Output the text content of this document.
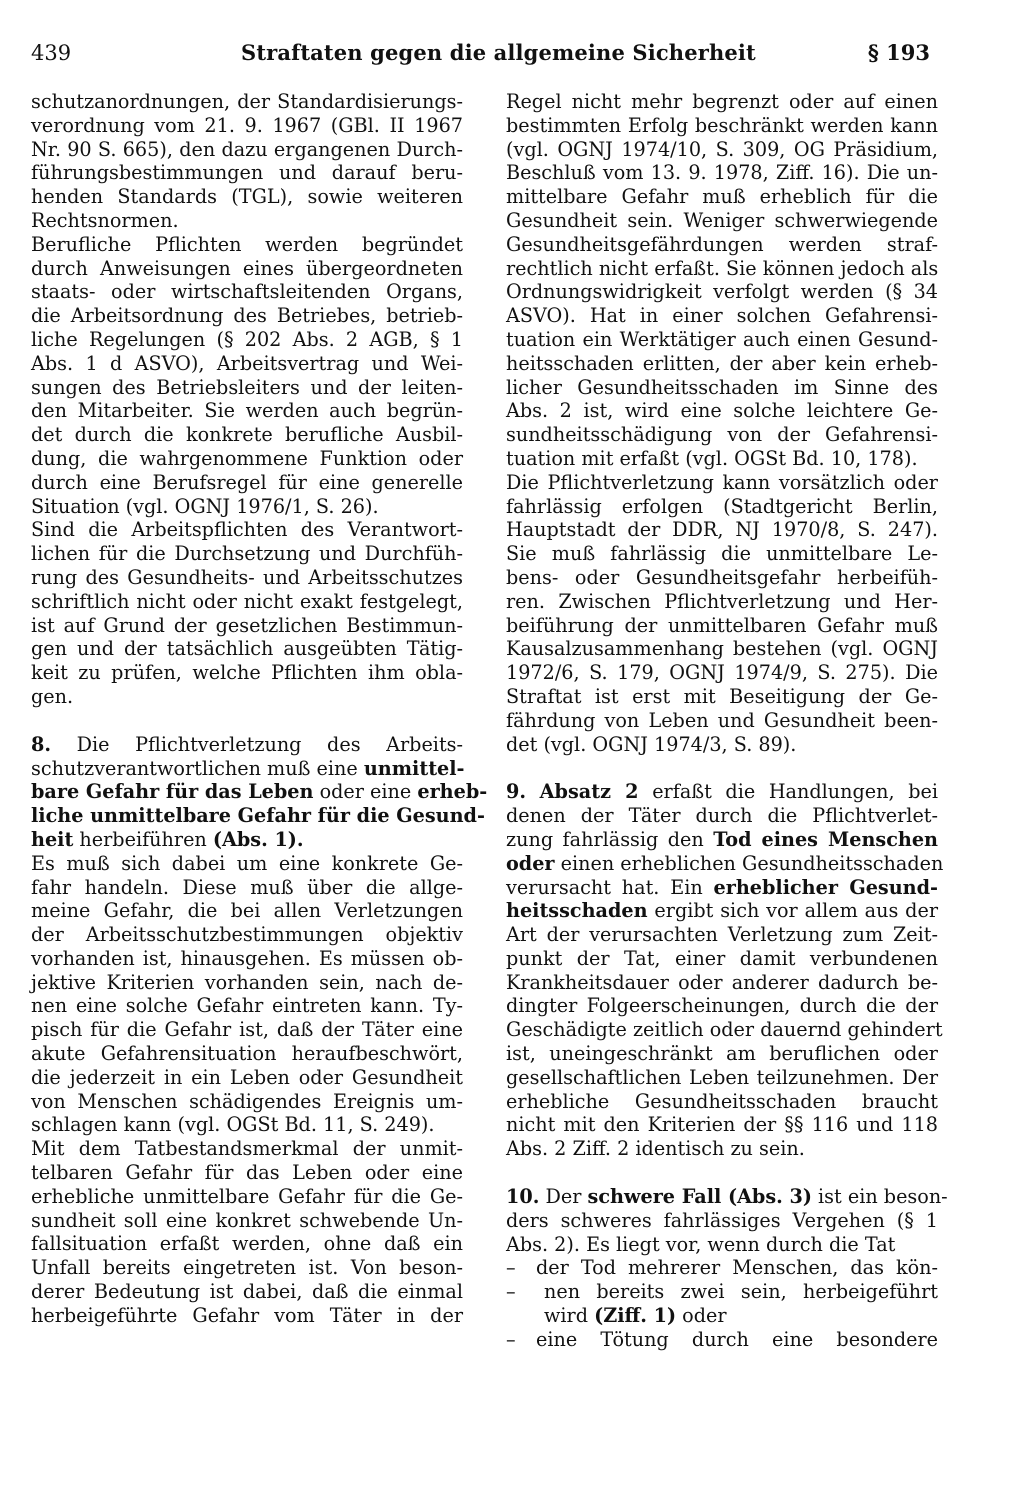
439	Straftaten gegen die allgemeine Sicherheit	§ 193
schutzanordnungen, der Standardisierungs-
verordnung vom 21. 9. 1967 (GBl. II 1967
Nr. 90 S. 665), den dazu ergangenen Durch-
führungsbestimmungen und darauf beru-
henden Standards (TGL), sowie weiteren
Rechtsnormen.
Berufliche Pflichten werden begründet
durch Anweisungen eines übergeordneten
staats- oder wirtschaftsleitenden Organs,
die Arbeitsordnung des Betriebes, betrieb-
liche Regelungen (§ 202 Abs. 2 AGB, § 1
Abs. 1 d ASVO), Arbeitsvertrag und Wei-
sungen des Betriebsleiters und der leiten-
den Mitarbeiter. Sie werden auch begrün-
det durch die konkrete berufliche Ausbil-
dung, die wahrgenommene Funktion oder
durch eine Berufsregel für eine generelle
Situation (vgl. OGNJ 1976/1, S. 26).
Sind die Arbeitspflichten des Verantwort-
lichen für die Durchsetzung und Durchfüh-
rung des Gesundheits- und Arbeitsschutzes
schriftlich nicht oder nicht exakt festgelegt,
ist auf Grund der gesetzlichen Bestimmun-
gen und der tatsächlich ausgeübten Tätig-
keit zu prüfen, welche Pflichten ihm obla-
gen.
8. Die Pflichtverletzung des Arbeits-
schutzverantwortlichen muß eine unmittel-
bare Gefahr für das Leben oder eine erheb-
liche unmittelbare Gefahr für die Gesund-
heit herbeiführen (Abs. 1).
Es muß sich dabei um eine konkrete Ge-
fahr handeln. Diese muß über die allge-
meine Gefahr, die bei allen Verletzungen
der Arbeitsschutzbestimmungen objektiv
vorhanden ist, hinausgehen. Es müssen ob-
jektive Kriterien vorhanden sein, nach de-
nen eine solche Gefahr eintreten kann. Ty-
pisch für die Gefahr ist, daß der Täter eine
akute Gefahrensituation heraufbeschwört,
die jederzeit in ein Leben oder Gesundheit
von Menschen schädigendes Ereignis um-
schlagen kann (vgl. OGSt Bd. 11, S. 249).
Mit dem Tatbestandsmerkmal der unmit-
telbaren Gefahr für das Leben oder eine
erhebliche unmittelbare Gefahr für die Ge-
sundheit soll eine konkret schwebende Un-
fallsituation erfaßt werden, ohne daß ein
Unfall bereits eingetreten ist. Von beson-
derer Bedeutung ist dabei, daß die einmal
herbeigeführte Gefahr vom Täter in der
Regel nicht mehr begrenzt oder auf einen
bestimmten Erfolg beschränkt werden kann
(vgl. OGNJ 1974/10, S. 309, OG Präsidium,
Beschluß vom 13. 9. 1978, Ziff. 16). Die un-
mittelbare Gefahr muß erheblich für die
Gesundheit sein. Weniger schwerwiegende
Gesundheitsgefährdungen werden straf-
rechtlich nicht erfaßt. Sie können jedoch als
Ordnungswidrigkeit verfolgt werden (§ 34
ASVO). Hat in einer solchen Gefahrensi-
tuation ein Werktätiger auch einen Gesund-
heitsschaden erlitten, der aber kein erheb-
licher Gesundheitsschaden im Sinne des
Abs. 2 ist, wird eine solche leichtere Ge-
sundheitsschädigung von der Gefahrensi-
tuation mit erfaßt (vgl. OGSt Bd. 10, 178).
Die Pflichtverletzung kann vorsätzlich oder
fahrlässig erfolgen (Stadtgericht Berlin,
Hauptstadt der DDR, NJ 1970/8, S. 247).
Sie muß fahrlässig die unmittelbare Le-
bens- oder Gesundheitsgefahr herbeifüh-
ren. Zwischen Pflichtverletzung und Her-
beiführung der unmittelbaren Gefahr muß
Kausalzusammenhang bestehen (vgl. OGNJ
1972/6, S. 179, OGNJ 1974/9, S. 275). Die
Straftat ist erst mit Beseitigung der Ge-
fährdung von Leben und Gesundheit been-
det (vgl. OGNJ 1974/3, S. 89).
9. Absatz 2 erfaßt die Handlungen, bei
denen der Täter durch die Pflichtverlet-
zung fahrlässig den Tod eines Menschen
oder einen erheblichen Gesundheitsschaden
verursacht hat. Ein erheblicher Gesund-
heitsschaden ergibt sich vor allem aus der
Art der verursachten Verletzung zum Zeit-
punkt der Tat, einer damit verbundenen
Krankheitsdauer oder anderer dadurch be-
dingter Folgeerscheinungen, durch die der
Geschädigte zeitlich oder dauernd gehindert
ist, uneingeschränkt am beruflichen oder
gesellschaftlichen Leben teilzunehmen. Der
erhebliche Gesundheitsschaden braucht
nicht mit den Kriterien der §§ 116 und 118
Abs. 2 Ziff. 2 identisch zu sein.
10. Der schwere Fall (Abs. 3) ist ein beson-
ders schweres fahrlässiges Vergehen (§ 1
Abs. 2). Es liegt vor, wenn durch die Tat
– der Tod mehrerer Menschen, das kön-
– nen bereits zwei sein, herbeigeführt
wird (Ziff. 1) oder
– eine Tötung durch eine besondere
